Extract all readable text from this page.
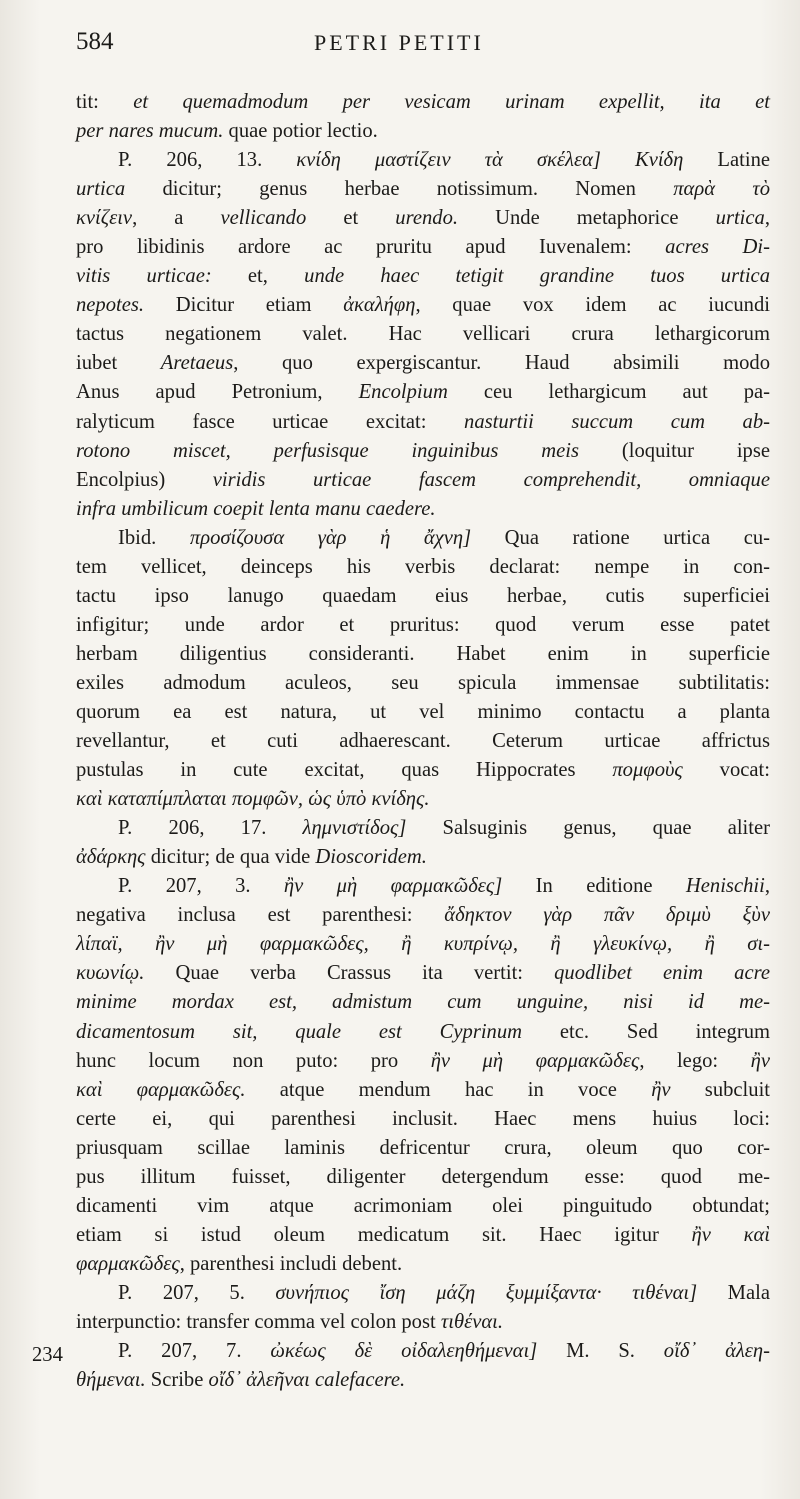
584	PETRI PETITI
234
tit: et quemadmodum per vesicam urinam expellit, ita et
per nares mucum. quae potior lectio.
P. 206, 13. κνίδη μαστίζειν τὰ σκέλεα] Κνίδη Latine
urtica dicitur; genus herbae notissimum. Nomen παρὰ τὸ
κνίζειν, a vellicando et urendo. Unde metaphorice urtica,
pro libidinis ardore ac pruritu apud Iuvenalem: acres Di-
vitis urticae: et, unde haec tetigit grandine tuos urtica
nepotes. Dicitur etiam ἀκαλήφη, quae vox idem ac iucundi
tactus negationem valet. Hac vellicari crura lethargicorum
iubet Aretaeus, quo expergiscantur. Haud absimili modo
Anus apud Petronium, Encolpium ceu lethargicum aut pa-
ralyticum fasce urticae excitat: nasturtii succum cum ab-
rotono miscet, perfusisque inguinibus meis (loquitur ipse
Encolpius) viridis urticae fascem comprehendit, omniaque
infra umbilicum coepit lenta manu caedere.
Ibid. προσίζουσα γὰρ ἡ ἄχνη] Qua ratione urtica cu-
tem vellicet, deinceps his verbis declarat: nempe in con-
tactu ipso lanugo quaedam eius herbae, cutis superficiei
infigitur; unde ardor et pruritus: quod verum esse patet
herbam diligentius consideranti. Habet enim in superficie
exiles admodum aculeos, seu spicula immensae subtilitatis:
quorum ea est natura, ut vel minimo contactu a planta
revellantur, et cuti adhaerescant. Ceterum urticae affrictus
pustulas in cute excitat, quas Hippocrates πομφοὺς vocat:
καὶ καταπίμπλαται πομφῶν, ὡς ὑπὸ κνίδης.
P. 206, 17. λημνιστίδος] Salsuginis genus, quae aliter
ἀδάρκης dicitur; de qua vide Dioscoridem.
P. 207, 3. ἢν μὴ φαρμακῶδες] In editione Henischii,
negativa inclusa est parenthesi: ἄδηκτον γὰρ πᾶν δριμὺ ξὺν
λίπαϊ, ἢν μὴ φαρμακῶδες, ἢ κυπρίνῳ, ἢ γλευκίνῳ, ἢ σι-
κυωνίῳ. Quae verba Crassus ita vertit: quodlibet enim acre
minime mordax est, admistum cum unguine, nisi id me-
dicamentosum sit, quale est Cyprinum etc. Sed integrum
hunc locum non puto: pro ἢν μὴ φαρμακῶδες, lego: ἢν
καὶ φαρμακῶδες. atque mendum hac in voce ἢν subcluit
certe ei, qui parenthesi inclusit. Haec mens huius loci:
priusquam scillae laminis defricentur crura, oleum quo cor-
pus illitum fuisset, diligenter detergendum esse: quod me-
dicamenti vim atque acrimoniam olei pinguitudo obtundat;
etiam si istud oleum medicatum sit. Haec igitur ἢν καὶ
φαρμακῶδες, parenthesi includi debent.
P. 207, 5. συνήπιος ἴση μάζη ξυμμίξαντα· τιθέναι] Mala
interpunctio: transfer comma vel colon post τιθέναι.
P. 207, 7. ὠκέως δὲ οἰδαλεηθήμεναι] M. S. οἴδ᾽ ἀλεη-
θήμεναι. Scribe οἴδ᾽ ἀλεῆναι calefacere.
